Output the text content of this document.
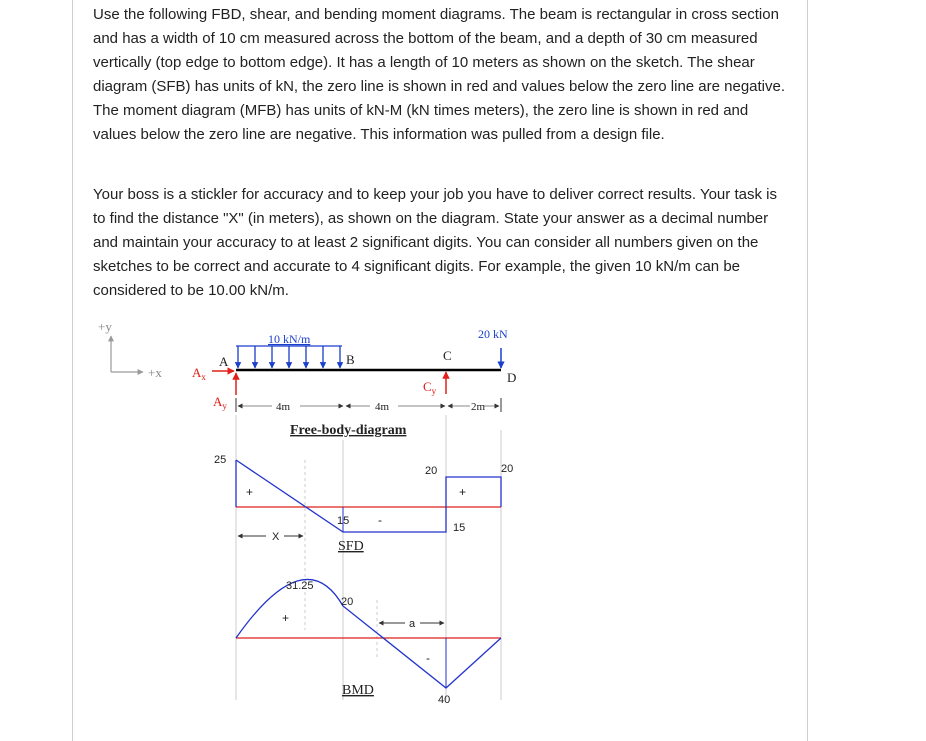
Use the following FBD, shear, and bending moment diagrams. The beam is rectangular in cross section and has a width of 10 cm measured across the bottom of the beam, and a depth of 30 cm measured vertically (top edge to bottom edge). It has a length of 10 meters as shown on the sketch. The shear diagram (SFB) has units of kN, the zero line is shown in red and values below the zero line are negative. The moment diagram (MFB) has units of kN-M (kN times meters), the zero line is shown in red and values below the zero line are negative. This information was pulled from a design file.

Your boss is a stickler for accuracy and to keep your job you have to deliver correct results. Your task is to find the distance "X" (in meters), as shown on the diagram. State your answer as a decimal number and maintain your accuracy to at least 2 significant digits. You can consider all numbers given on the sketches to be correct and accurate to 4 significant digits. For example, the given 10 kN/m can be considered to be 10.00 kN/m.

+y
+x $A_x$
$A_y$
$C_y$
10 kN/m	20 kN
A	B	C
D
4m	4m	2m
Free-body-diagram
25
+
15 -
15
20	20
+
X
SFD
31.25
20
+
-
40
a
BMD
